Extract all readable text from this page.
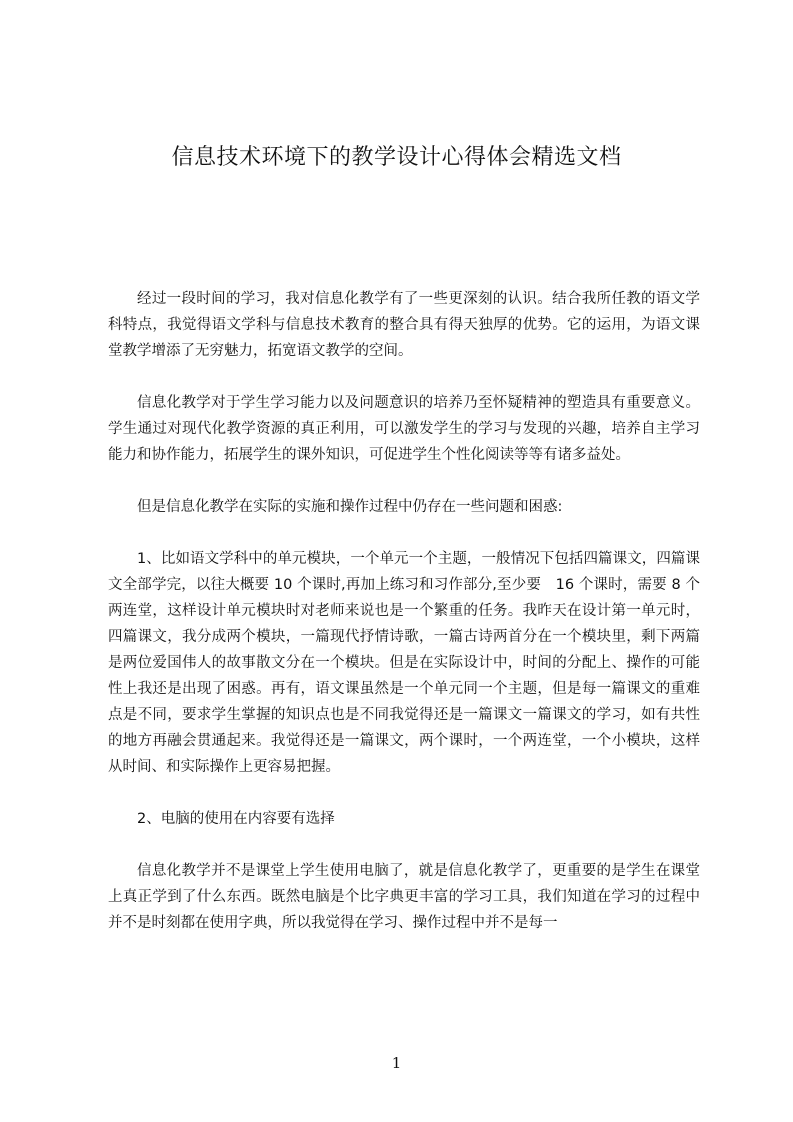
信息技术环境下的教学设计心得体会精选文档

经过一段时间的学习，我对信息化教学有了一些更深刻的认识。结合我所任教的语文学科特点，我觉得语文学科与信息技术教育的整合具有得天独厚的优势。它的运用，为语文课堂教学增添了无穷魅力，拓宽语文教学的空间。

信息化教学对于学生学习能力以及问题意识的培养乃至怀疑精神的塑造具有重要意义。学生通过对现代化教学资源的真正利用，可以激发学生的学习与发现的兴趣，培养自主学习能力和协作能力，拓展学生的课外知识，可促进学生个性化阅读等等有诸多益处。

但是信息化教学在实际的实施和操作过程中仍存在一些问题和困惑:

1、比如语文学科中的单元模块，一个单元一个主题，一般情况下包括四篇课文，四篇课文全部学完，以往大概要 10 个课时,再加上练习和习作部分,至少要　16 个课时，需要 8 个两连堂，这样设计单元模块时对老师来说也是一个繁重的任务。我昨天在设计第一单元时，四篇课文，我分成两个模块，一篇现代抒情诗歌，一篇古诗两首分在一个模块里，剩下两篇是两位爱国伟人的故事散文分在一个模块。但是在实际设计中，时间的分配上、操作的可能性上我还是出现了困惑。再有，语文课虽然是一个单元同一个主题，但是每一篇课文的重难点是不同，要求学生掌握的知识点也是不同我觉得还是一篇课文一篇课文的学习，如有共性的地方再融会贯通起来。我觉得还是一篇课文，两个课时，一个两连堂，一个小模块，这样从时间、和实际操作上更容易把握。

2、电脑的使用在内容要有选择

信息化教学并不是课堂上学生使用电脑了，就是信息化教学了，更重要的是学生在课堂上真正学到了什么东西。既然电脑是个比字典更丰富的学习工具，我们知道在学习的过程中并不是时刻都在使用字典，所以我觉得在学习、操作过程中并不是每一

1
